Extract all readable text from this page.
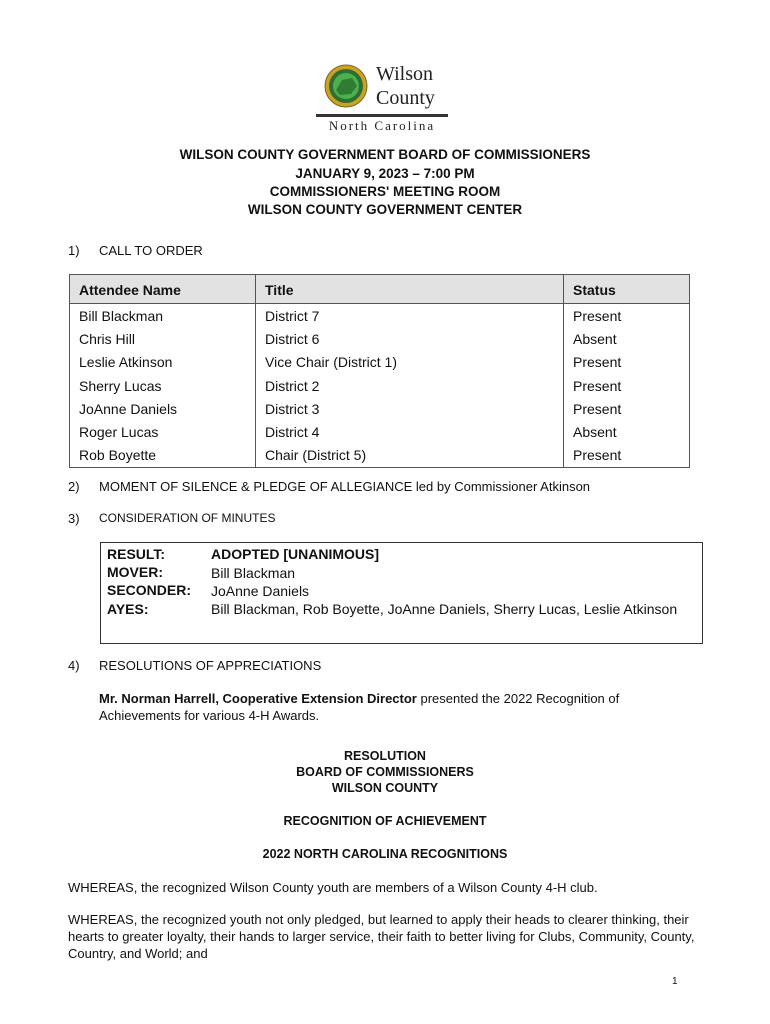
Wilson
County
North Carolina
WILSON COUNTY GOVERNMENT BOARD OF COMMISSIONERS
JANUARY 9, 2023 – 7:00 PM
COMMISSIONERS' MEETING ROOM
WILSON COUNTY GOVERNMENT CENTER
1)	CALL TO ORDER
Attendee Name	Title	Status
Bill Blackman	District 7	Present
Chris Hill	District 6	Absent
Leslie Atkinson	Vice Chair (District 1)	Present
Sherry Lucas	District 2	Present
JoAnne Daniels	District 3	Present
Roger Lucas	District 4	Absent
Rob Boyette	Chair (District 5)	Present
2)	MOMENT OF SILENCE & PLEDGE OF ALLEGIANCE led by Commissioner Atkinson
3)	CONSIDERATION OF MINUTES
RESULT:	ADOPTED [UNANIMOUS]
MOVER:	Bill Blackman
SECONDER: JoAnne Daniels
AYES:	Bill Blackman, Rob Boyette, JoAnne Daniels, Sherry Lucas, Leslie Atkinson
4)	RESOLUTIONS OF APPRECIATIONS
Mr. Norman Harrell, Cooperative Extension Director presented the 2022 Recognition of Achievements for various 4-H Awards.
RESOLUTION
BOARD OF COMMISSIONERS
WILSON COUNTY
RECOGNITION OF ACHIEVEMENT
2022 NORTH CAROLINA RECOGNITIONS
WHEREAS, the recognized Wilson County youth are members of a Wilson County 4-H club.
WHEREAS, the recognized youth not only pledged, but learned to apply their heads to clearer thinking, their hearts to greater loyalty, their hands to larger service, their faith to better living for Clubs, Community, County, Country, and World; and
1
